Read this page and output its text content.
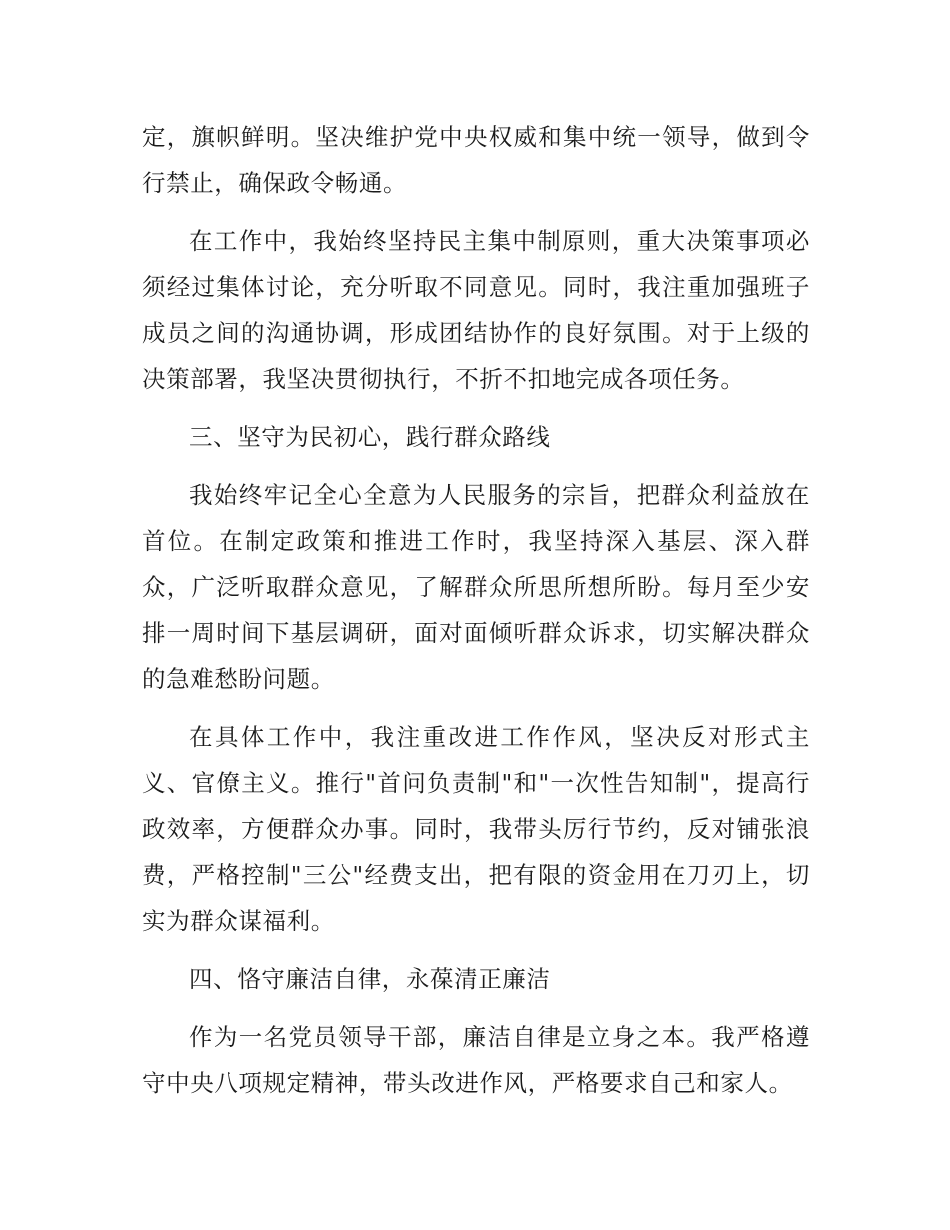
定，旗帜鲜明。坚决维护党中央权威和集中统一领导，做到令行禁止，确保政令畅通。

在工作中，我始终坚持民主集中制原则，重大决策事项必须经过集体讨论，充分听取不同意见。同时，我注重加强班子成员之间的沟通协调，形成团结协作的良好氛围。对于上级的决策部署，我坚决贯彻执行，不折不扣地完成各项任务。

三、坚守为民初心，践行群众路线

我始终牢记全心全意为人民服务的宗旨，把群众利益放在首位。在制定政策和推进工作时，我坚持深入基层、深入群众，广泛听取群众意见，了解群众所思所想所盼。每月至少安排一周时间下基层调研，面对面倾听群众诉求，切实解决群众的急难愁盼问题。

在具体工作中，我注重改进工作作风，坚决反对形式主义、官僚主义。推行"首问负责制"和"一次性告知制"，提高行政效率，方便群众办事。同时，我带头厉行节约，反对铺张浪费，严格控制"三公"经费支出，把有限的资金用在刀刃上，切实为群众谋福利。

四、恪守廉洁自律，永葆清正廉洁

作为一名党员领导干部，廉洁自律是立身之本。我严格遵守中央八项规定精神，带头改进作风，严格要求自己和家人。
